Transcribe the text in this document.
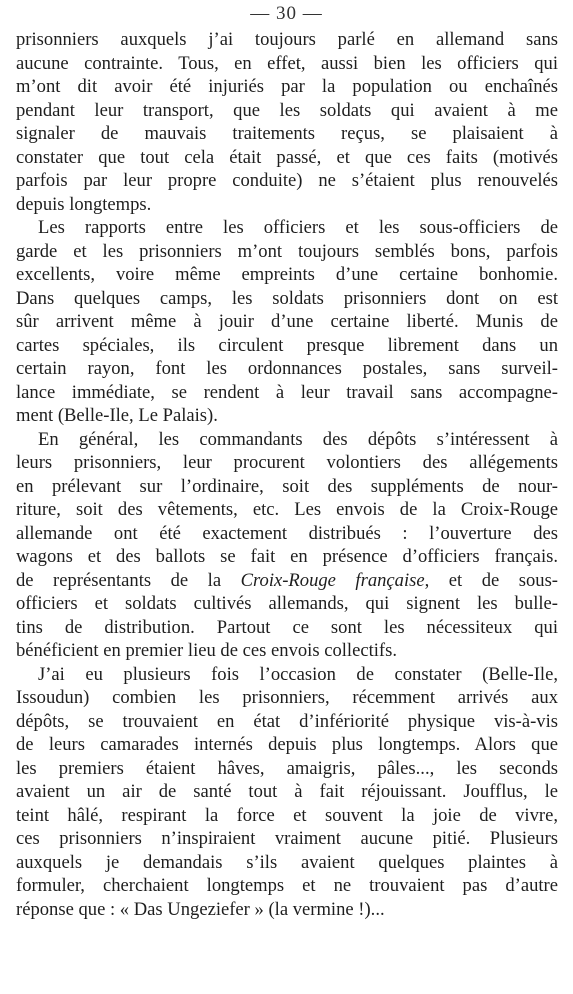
— 30 —
prisonniers auxquels j’ai toujours parlé en allemand sans
aucune contrainte. Tous, en effet, aussi bien les officiers qui
m’ont dit avoir été injuriés par la population ou enchaînés
pendant leur transport, que les soldats qui avaient à me
signaler de mauvais traitements reçus, se plaisaient à
constater que tout cela était passé, et que ces faits (motivés
parfois par leur propre conduite) ne s’étaient plus renouvelés
depuis longtemps.
Les rapports entre les officiers et les sous-officiers de
garde et les prisonniers m’ont toujours semblés bons, parfois
excellents, voire même empreints d’une certaine bonhomie.
Dans quelques camps, les soldats prisonniers dont on est
sûr arrivent même à jouir d’une certaine liberté. Munis de
cartes spéciales, ils circulent presque librement dans un
certain rayon, font les ordonnances postales, sans surveil-
lance immédiate, se rendent à leur travail sans accompagne-
ment (Belle-Ile, Le Palais).
En général, les commandants des dépôts s’intéressent à
leurs prisonniers, leur procurent volontiers des allégements
en prélevant sur l’ordinaire, soit des suppléments de nour-
riture, soit des vêtements, etc. Les envois de la Croix-Rouge
allemande ont été exactement distribués : l’ouverture des
wagons et des ballots se fait en présence d’officiers français.
de représentants de la Croix-Rouge française, et de sous-
officiers et soldats cultivés allemands, qui signent les bulle-
tins de distribution. Partout ce sont les nécessiteux qui
bénéficient en premier lieu de ces envois collectifs.
J’ai eu plusieurs fois l’occasion de constater (Belle-Ile,
Issoudun) combien les prisonniers, récemment arrivés aux
dépôts, se trouvaient en état d’infériorité physique vis-à-vis
de leurs camarades internés depuis plus longtemps. Alors que
les premiers étaient hâves, amaigris, pâles..., les seconds
avaient un air de santé tout à fait réjouissant. Joufflus, le
teint hâlé, respirant la force et souvent la joie de vivre,
ces prisonniers n’inspiraient vraiment aucune pitié. Plusieurs
auxquels je demandais s’ils avaient quelques plaintes à
formuler, cherchaient longtemps et ne trouvaient pas d’autre
réponse que : « Das Ungeziefer » (la vermine !)...
